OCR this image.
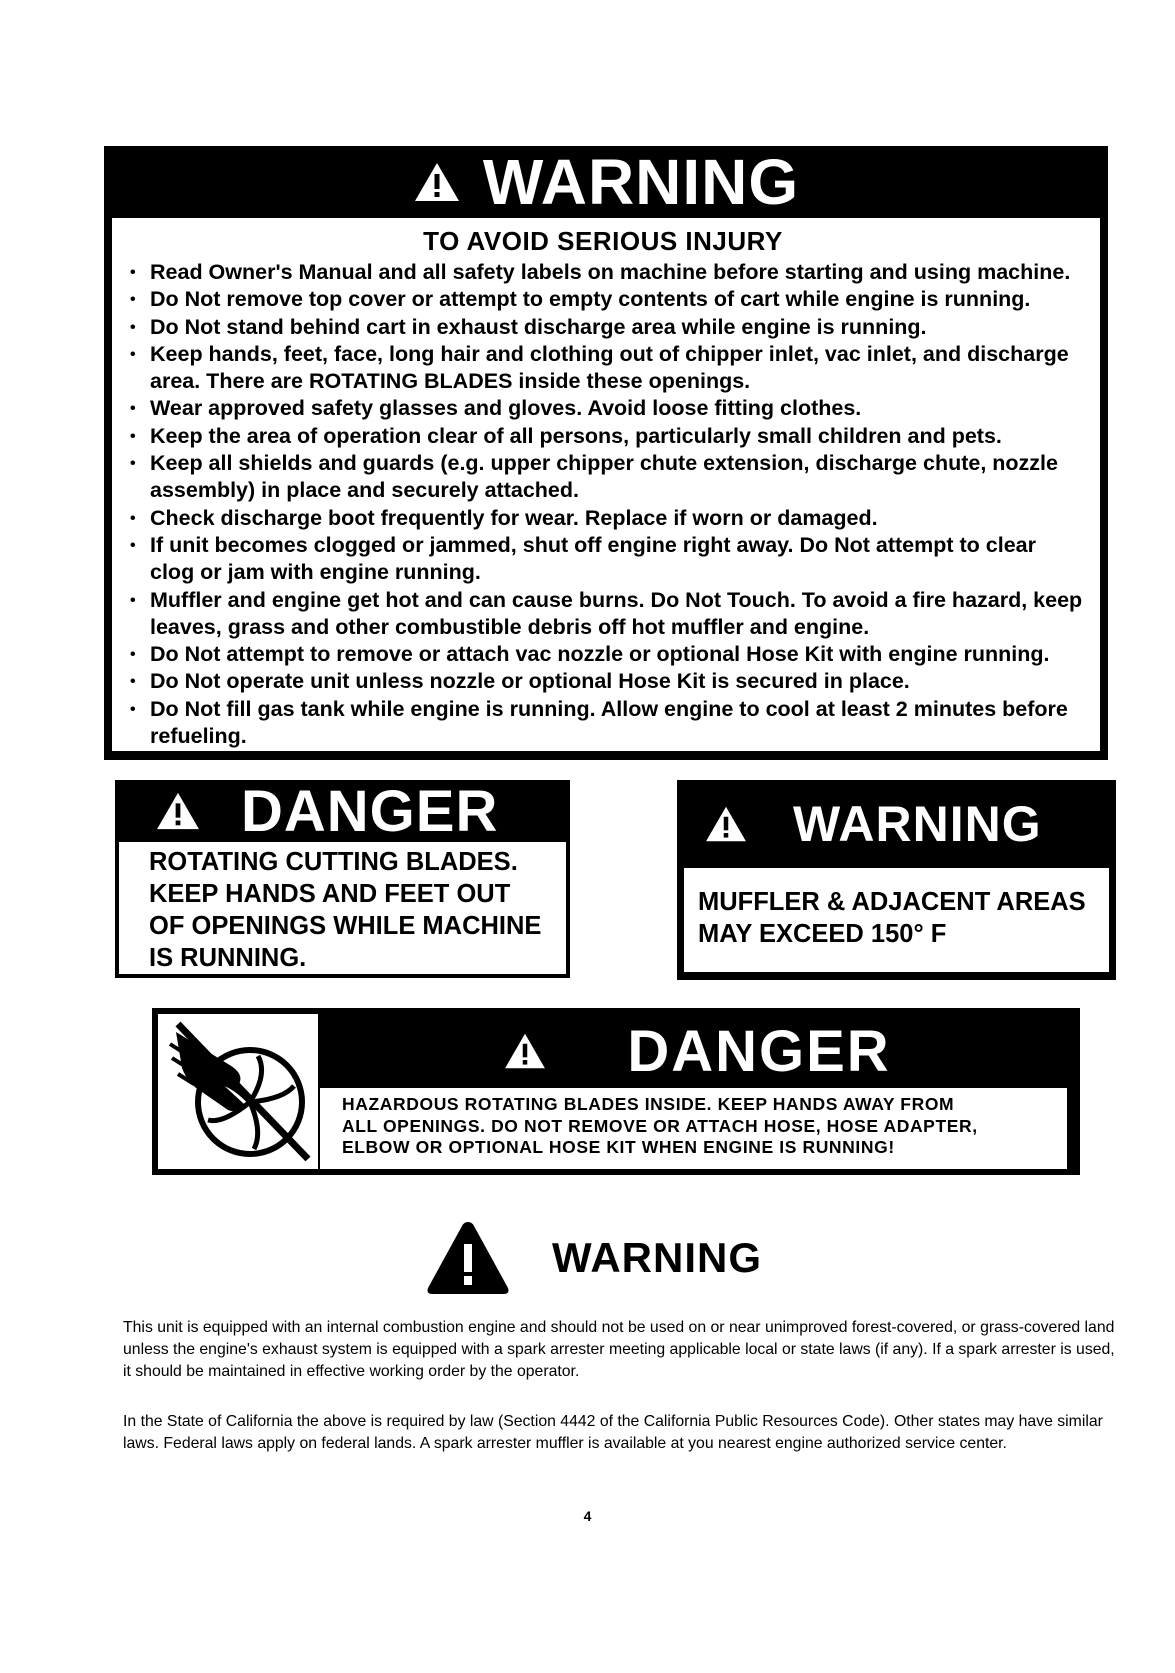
WARNING
TO AVOID SERIOUS INJURY
• Read Owner's Manual and all safety labels on machine before starting and using machine.
• Do Not remove top cover or attempt to empty contents of cart while engine is running.
• Do Not stand behind cart in exhaust discharge area while engine is running.
• Keep hands, feet, face, long hair and clothing out of chipper inlet, vac inlet, and discharge area. There are ROTATING BLADES inside these openings.
• Wear approved safety glasses and gloves. Avoid loose fitting clothes.
• Keep the area of operation clear of all persons, particularly small children and pets.
• Keep all shields and guards (e.g. upper chipper chute extension, discharge chute, nozzle assembly) in place and securely attached.
• Check discharge boot frequently for wear. Replace if worn or damaged.
• If unit becomes clogged or jammed, shut off engine right away. Do Not attempt to clear clog or jam with engine running.
• Muffler and engine get hot and can cause burns. Do Not Touch. To avoid a fire hazard, keep leaves, grass and other combustible debris off hot muffler and engine.
• Do Not attempt to remove or attach vac nozzle or optional Hose Kit with engine running.
• Do Not operate unit unless nozzle or optional Hose Kit is secured in place.
• Do Not fill gas tank while engine is running. Allow engine to cool at least 2 minutes before refueling.
DANGER
ROTATING CUTTING BLADES.
KEEP HANDS AND FEET OUT
OF OPENINGS WHILE MACHINE
IS RUNNING.
WARNING
MUFFLER & ADJACENT AREAS
MAY EXCEED 150° F
DANGER
HAZARDOUS ROTATING BLADES INSIDE. KEEP HANDS AWAY FROM
ALL OPENINGS. DO NOT REMOVE OR ATTACH HOSE, HOSE ADAPTER,
ELBOW OR OPTIONAL HOSE KIT WHEN ENGINE IS RUNNING!
WARNING

This unit is equipped with an internal combustion engine and should not be used on or near unimproved forest-covered, or grass-covered land unless the engine's exhaust system is equipped with a spark arrester meeting applicable local or state laws (if any). If a spark arrester is used, it should be maintained in effective working order by the operator.

In the State of California the above is required by law (Section 4442 of the California Public Resources Code). Other states may have similar laws. Federal laws apply on federal lands. A spark arrester muffler is available at you nearest engine authorized service center.

4
